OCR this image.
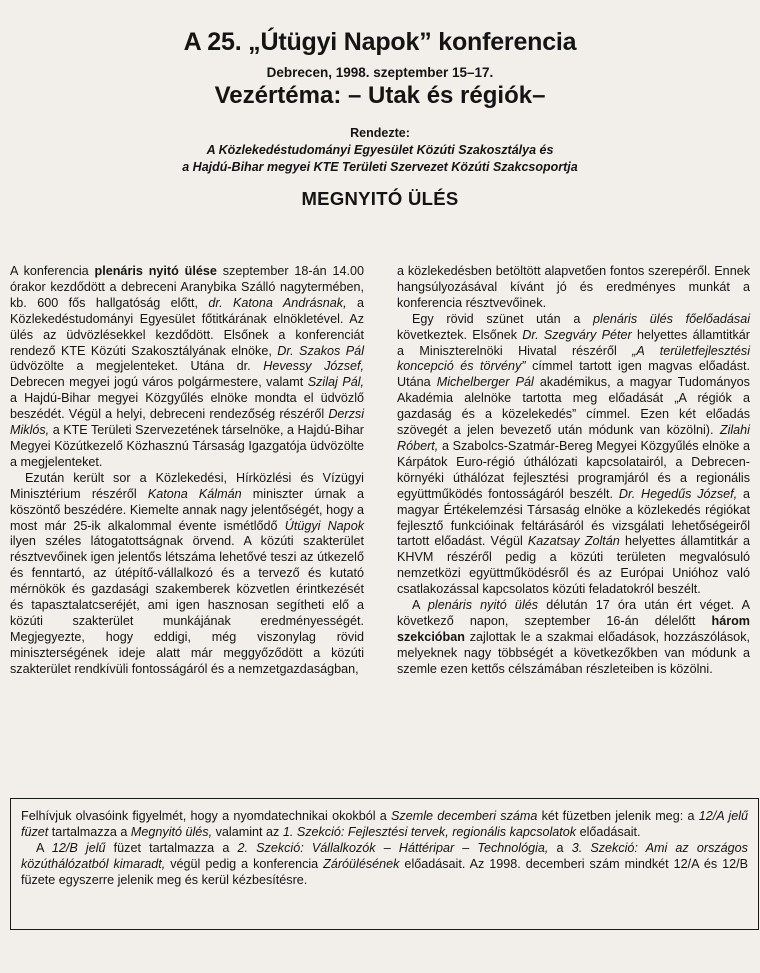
A 25. „Útügyi Napok” konferencia
Debrecen, 1998. szeptember 15–17.
Vezértéma: – Utak és régiók–
Rendezte:
A Közlekedéstudományi Egyesület Közúti Szakosztálya és
a Hajdú-Bihar megyei KTE Területi Szervezet Közúti Szakcsoportja
MEGNYITÓ ÜLÉS

A konferencia plenáris nyitó ülése szeptember 18-án 14.00 órakor kezdődött a debreceni Aranybika Szálló nagytermében, kb. 600 fős hallgatóság előtt, dr. Katona Andrásnak, a Közlekedéstudományi Egyesület főtitkárának elnökletével. Az ülés az üdvözlésekkel kezdődött. Elsőnek a konferenciát rendező KTE Közúti Szakosztályának elnöke, Dr. Szakos Pál üdvözölte a megjelenteket. Utána dr. Hevessy József, Debrecen megyei jogú város polgármestere, valamt Szilaj Pál, a Hajdú-Bihar megyei Közgyűlés elnöke mondta el üdvözlő beszédét. Végül a helyi, debreceni rendezőség részéről Derzsi Miklós, a KTE Területi Szervezetének társelnöke, a Hajdú-Bihar Megyei Közútkezelő Közhasznú Társaság Igazgatója üdvözölte a megjelenteket.

Ezután került sor a Közlekedési, Hírközlési és Vízügyi Minisztérium részéről Katona Kálmán miniszter úrnak a köszöntő beszédére. Kiemelte annak nagy jelentőségét, hogy a most már 25-ik alkalommal évente ismétlődő Útügyi Napok ilyen széles látogatottságnak örvend. A közúti szakterület résztvevőinek igen jelentős létszáma lehetővé teszi az útkezelő és fenntartó, az útépítő-vállalkozó és a tervező és kutató mérnökök és gazdasági szakemberek közvetlen érintkezését és tapasztalatcseréjét, ami igen hasznosan segítheti elő a közúti szakterület munkájának eredményességét. Megjegyezte, hogy eddigi, még viszonylag rövid miniszterségének ideje alatt már meggyőződött a közúti szakterület rendkívüli fontosságáról és a nemzetgazdaságban,

a közlekedésben betöltött alapvetően fontos szerepéről. Ennek hangsúlyozásával kívánt jó és eredményes munkát a konferencia résztvevőinek.

Egy rövid szünet után a plenáris ülés főelőadásai következtek. Elsőnek Dr. Szegváry Péter helyettes államtitkár a Miniszterelnöki Hivatal részéről „A területfejlesztési koncepció és törvény” címmel tartott igen magvas előadást. Utána Michelberger Pál akadémikus, a magyar Tudományos Akadémia alelnöke tartotta meg előadását „A régiók a gazdaság és a közelekedés” címmel. Ezen két előadás szövegét a jelen bevezető után módunk van közölni). Zilahi Róbert, a Szabolcs-Szatmár-Bereg Megyei Közgyűlés elnöke a Kárpátok Euro-régió úthálózati kapcsolatairól, a Debrecen-környéki úthálózat fejlesztési programjáról és a regionális együttműködés fontosságáról beszélt. Dr. Hegedűs József, a magyar Értékelemzési Társaság elnöke a közlekedés régiókat fejlesztő funkcióinak feltárásáról és vizsgálati lehetőségeiről tartott előadást. Végül Kazatsay Zoltán helyettes államtitkár a KHVM részéről pedig a közúti területen megvalósuló nemzetközi együttműködésről és az Európai Unióhoz való csatlakozással kapcsolatos közúti feladatokról beszélt.

A plenáris nyitó ülés délután 17 óra után ért véget. A következő napon, szeptember 16-án délelőtt három szekcióban zajlottak le a szakmai előadások, hozzászólások, melyeknek nagy többségét a következőkben van módunk a szemle ezen kettős célszámában részleteiben is közölni.

Felhívjuk olvasóink figyelmét, hogy a nyomdatechnikai okokból a Szemle decemberi száma két füzetben jelenik meg: a 12/A jelű füzet tartalmazza a Megnyitó ülés, valamint az 1. Szekció: Fejlesztési tervek, regionális kapcsolatok előadásait.

A 12/B jelű füzet tartalmazza a 2. Szekció: Vállalkozók – Háttéripar – Technológia, a 3. Szekció: Ami az országos közúthálózatból kimaradt, végül pedig a konferencia Záróülésének előadásait. Az 1998. decemberi szám mindkét 12/A és 12/B füzete egyszerre jelenik meg és kerül kézbesítésre.
